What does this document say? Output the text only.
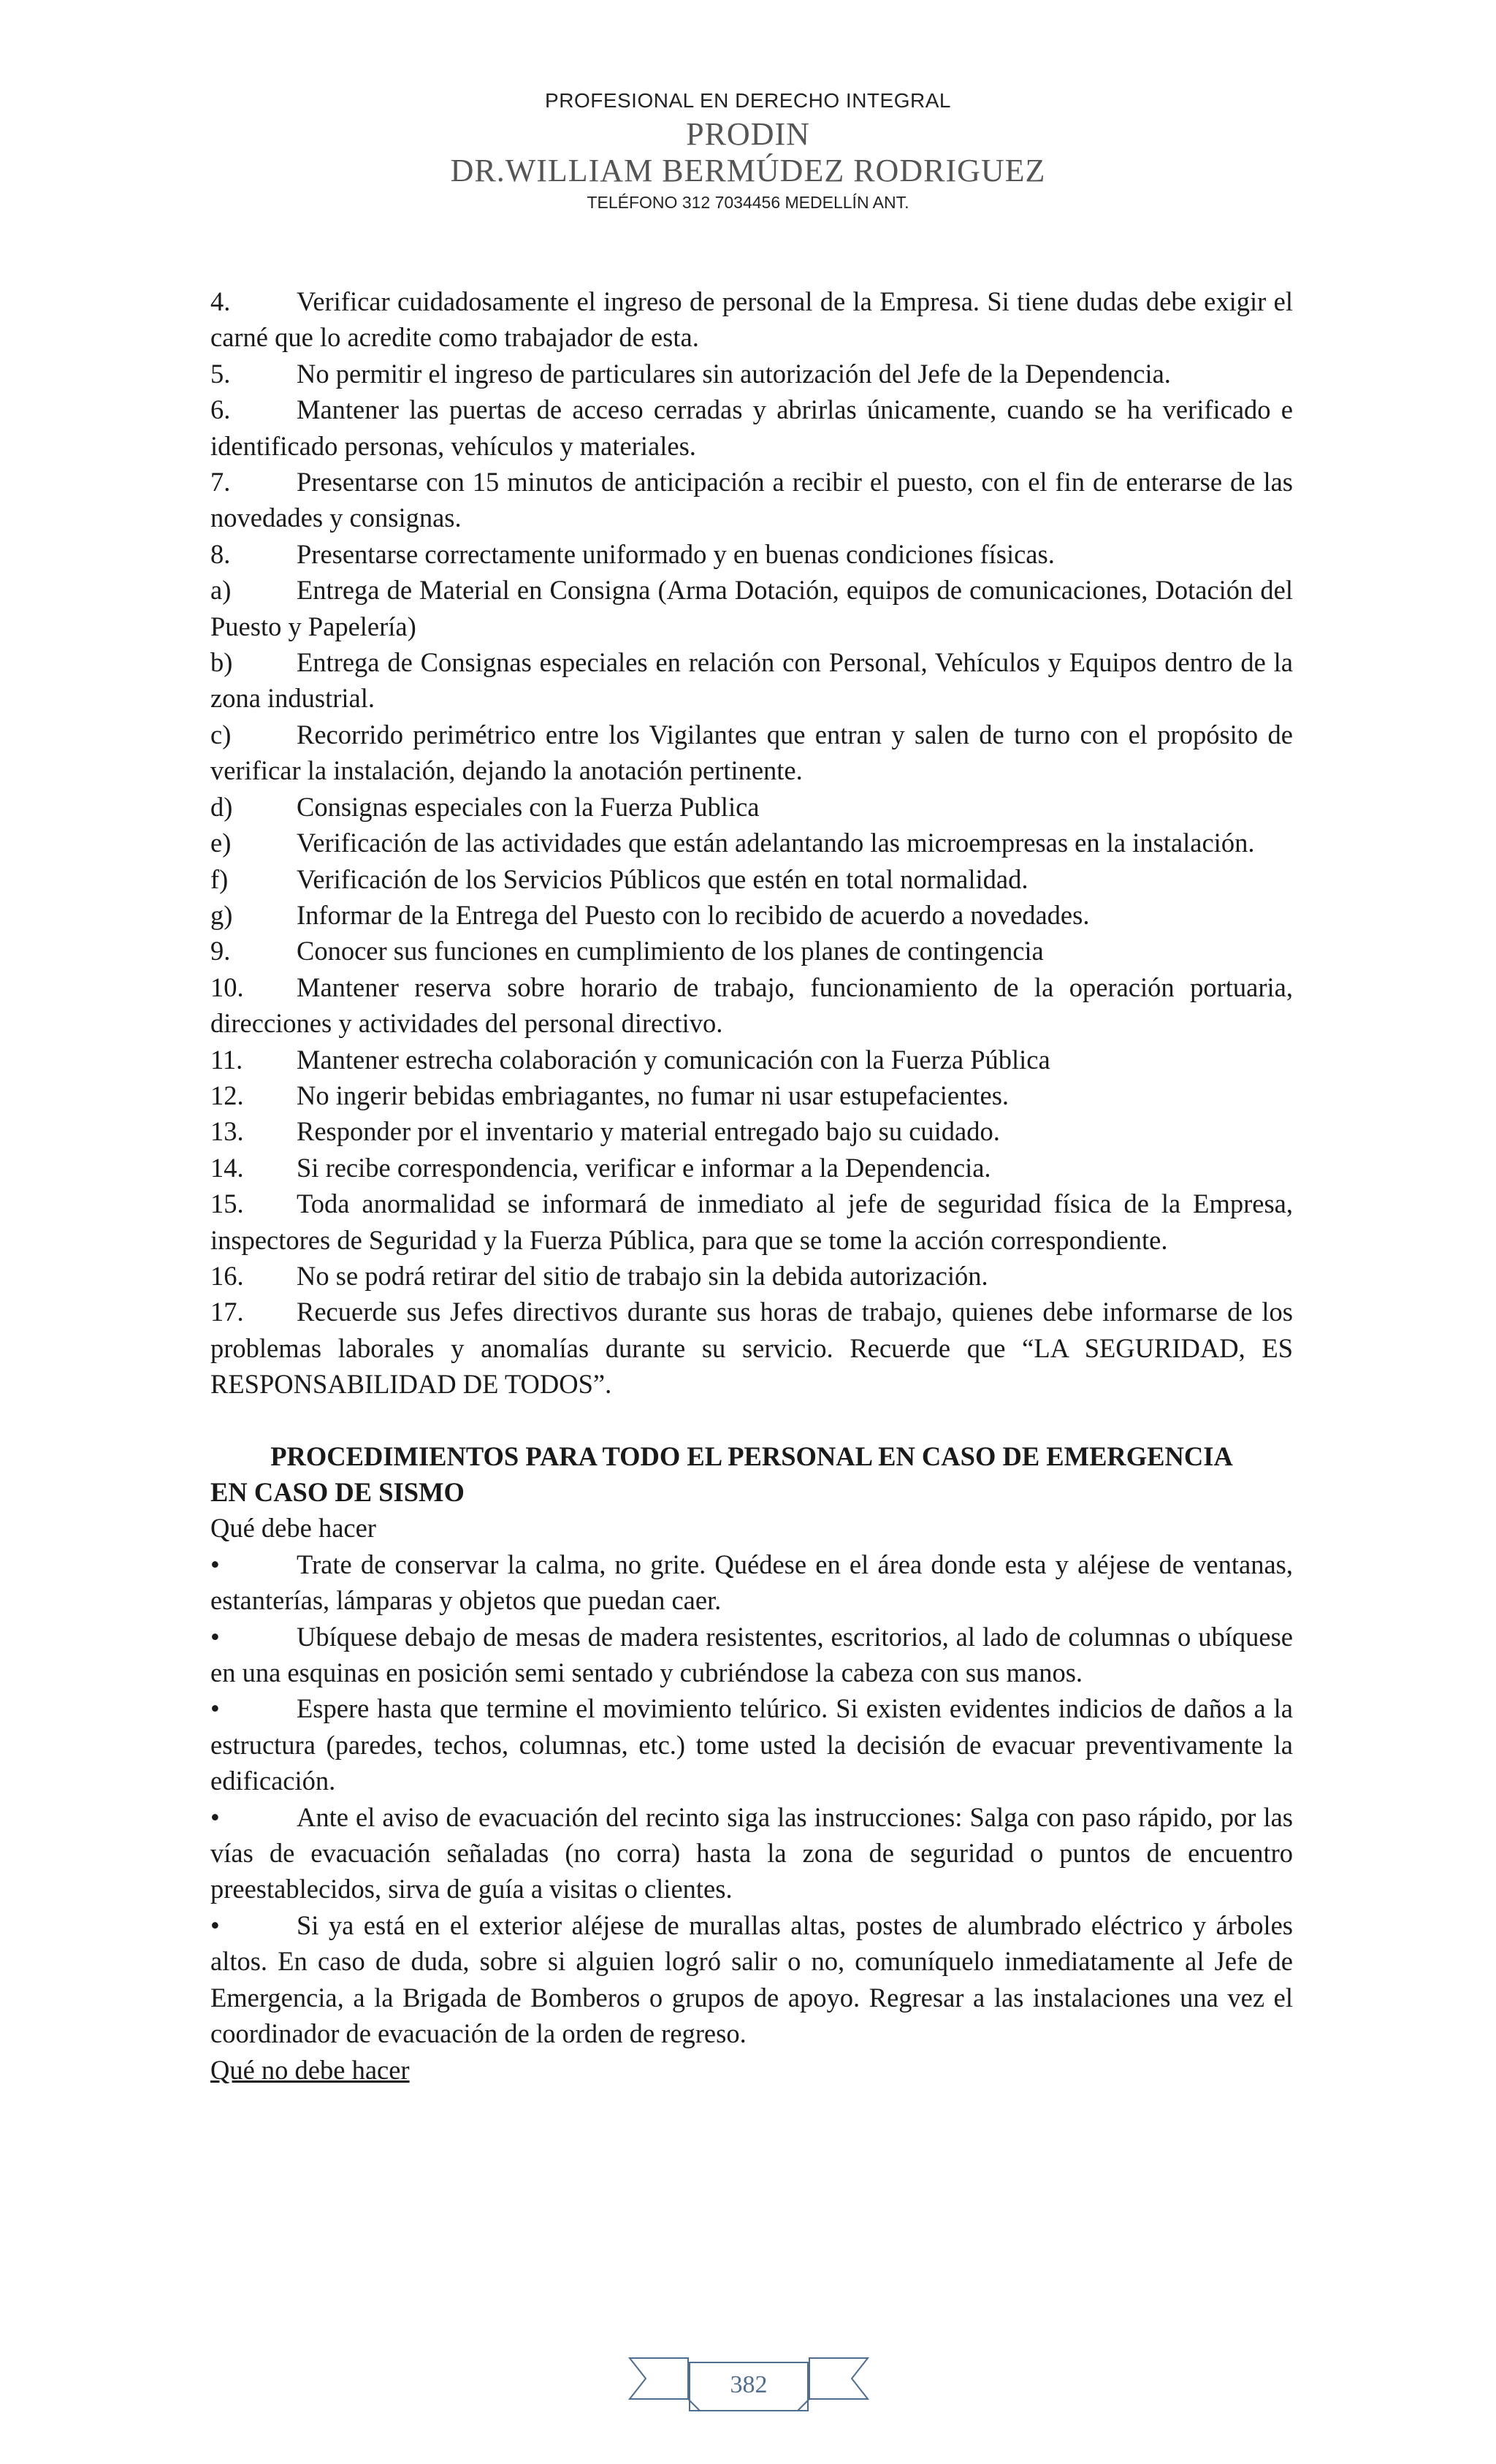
PROFESIONAL EN DERECHO INTEGRAL
PRODIN
DR.WILLIAM BERMÚDEZ RODRIGUEZ
TELÉFONO 312 7034456 MEDELLÍN ANT.

4. Verificar cuidadosamente el ingreso de personal de la Empresa. Si tiene dudas debe exigir el carné que lo acredite como trabajador de esta.

5. No permitir el ingreso de particulares sin autorización del Jefe de la Dependencia.

6. Mantener las puertas de acceso cerradas y abrirlas únicamente, cuando se ha verificado e identificado personas, vehículos y materiales.

7. Presentarse con 15 minutos de anticipación a recibir el puesto, con el fin de enterarse de las novedades y consignas.

8. Presentarse correctamente uniformado y en buenas condiciones físicas.

a) Entrega de Material en Consigna (Arma Dotación, equipos de comunicaciones, Dotación del Puesto y Papelería)

b) Entrega de Consignas especiales en relación con Personal, Vehículos y Equipos dentro de la zona industrial.

c) Recorrido perimétrico entre los Vigilantes que entran y salen de turno con el propósito de verificar la instalación, dejando la anotación pertinente.

d) Consignas especiales con la Fuerza Publica

e) Verificación de las actividades que están adelantando las microempresas en la instalación.

f)	Verificación de los Servicios Públicos que estén en total normalidad.

g) Informar de la Entrega del Puesto con lo recibido de acuerdo a novedades.

9. Conocer sus funciones en cumplimiento de los planes de contingencia

10. Mantener reserva sobre horario de trabajo, funcionamiento de la operación portuaria, direcciones y actividades del personal directivo.

11. Mantener estrecha colaboración y comunicación con la Fuerza Pública

12. No ingerir bebidas embriagantes, no fumar ni usar estupefacientes.

13. Responder por el inventario y material entregado bajo su cuidado.

14. Si recibe correspondencia, verificar e informar a la Dependencia.

15. Toda anormalidad se informará de inmediato al jefe de seguridad física de la Empresa, inspectores de Seguridad y la Fuerza Pública, para que se tome la acción correspondiente.

16. No se podrá retirar del sitio de trabajo sin la debida autorización.

17. Recuerde sus Jefes directivos durante sus horas de trabajo, quienes debe informarse de los problemas laborales y anomalías durante su servicio. Recuerde que “LA SEGURIDAD, ES RESPONSABILIDAD DE TODOS”.

PROCEDIMIENTOS PARA TODO EL PERSONAL EN CASO DE EMERGENCIA

EN CASO DE SISMO

Qué debe hacer

•	Trate de conservar la calma, no grite. Quédese en el área donde esta y aléjese de ventanas, estanterías, lámparas y objetos que puedan caer.

•	Ubíquese debajo de mesas de madera resistentes, escritorios, al lado de columnas o ubíquese en una esquinas en posición semi sentado y cubriéndose la cabeza con sus manos.

•	Espere hasta que termine el movimiento telúrico. Si existen evidentes indicios de daños a la estructura (paredes, techos, columnas, etc.) tome usted la decisión de evacuar preventivamente la edificación.

•	Ante el aviso de evacuación del recinto siga las instrucciones: Salga con paso rápido, por las vías de evacuación señaladas (no corra) hasta la zona de seguridad o puntos de encuentro preestablecidos, sirva de guía a visitas o clientes.

•	Si ya está en el exterior aléjese de murallas altas, postes de alumbrado eléctrico y árboles altos. En caso de duda, sobre si alguien logró salir o no, comuníquelo inmediatamente al Jefe de Emergencia, a la Brigada de Bomberos o grupos de apoyo. Regresar a las instalaciones una vez el coordinador de evacuación de la orden de regreso.

Qué no debe hacer

382
